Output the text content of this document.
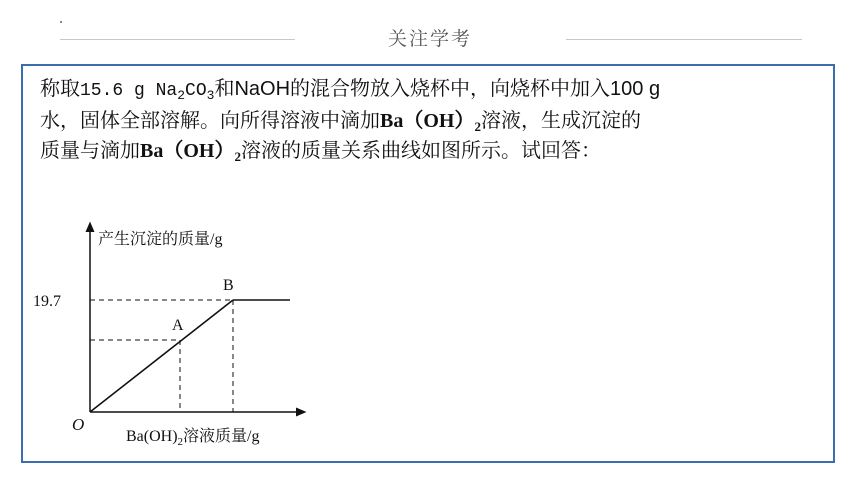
关注学考
称取15.6 g $Na_2CO_3$和NaOH的混合物放入烧杯中，向烧杯中加入100 g
水，固体全部溶解。向所得溶液中滴加$Ba(OH)_2$溶液，生成沉淀的
质量与滴加$Ba(OH)_2$溶液的质量关系曲线如图所示。试回答：
产生沉淀的质量/g
O
19.7
A
B
$Ba(OH)_2$溶液质量/g
